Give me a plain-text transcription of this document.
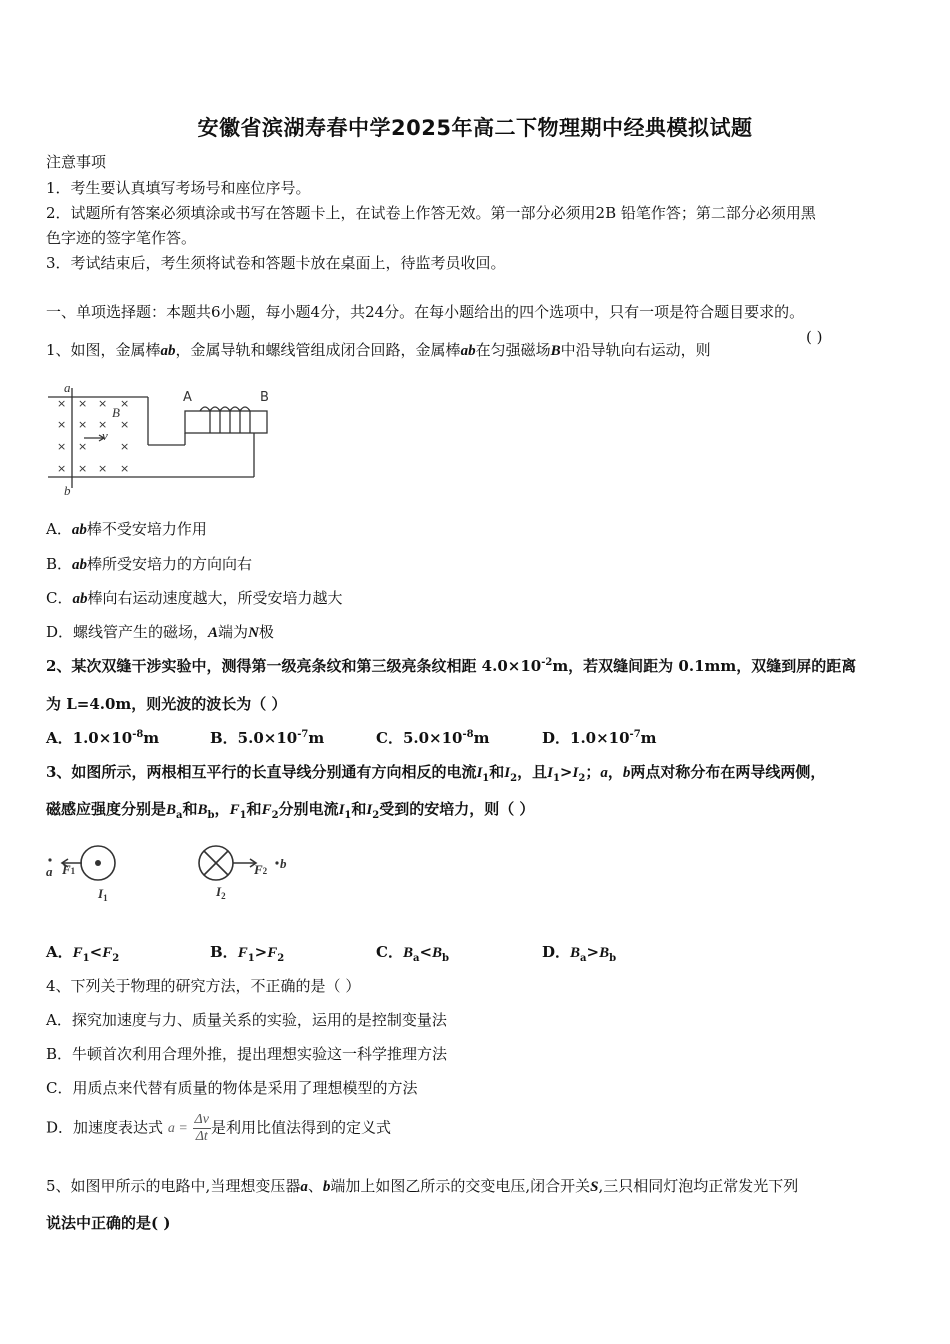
安徽省滨湖寿春中学2025年高二下物理期中经典模拟试题
注意事项
1．考生要认真填写考场号和座位序号。
2．试题所有答案必须填涂或书写在答题卡上，在试卷上作答无效。第一部分必须用2B 铅笔作答；第二部分必须用黑
色字迹的签字笔作答。
3．考试结束后，考生须将试卷和答题卡放在桌面上，待监考员收回。
一、单项选择题：本题共6小题，每小题4分，共24分。在每小题给出的四个选项中，只有一项是符合题目要求的。
1、如图，金属棒ab，金属导轨和螺线管组成闭合回路，金属棒ab在匀强磁场B中沿导轨向右运动，则
( )
×
×
×
×
× × ×
× × ×
×	×
× × ×
a
b
B
v
A	B
A．ab棒不受安培力作用
B．ab棒所受安培力的方向向右
C．ab棒向右运动速度越大，所受安培力越大
D．螺线管产生的磁场，A端为N极
2、某次双缝干涉实验中，测得第一级亮条纹和第三级亮条纹相距 $4.0\times 10^{-2}m$，若双缝间距为 0.1mm，双缝到屏的距离
为 L=4.0m，则光波的波长为（ ）
A．$1.0\times 10^{-8}m$	B．$5.0\times 10^{-7}m$	C．$5.0\times 10^{-8}m$	D．$1.0\times 10^{-7}m$
3、如图所示，两根相互平行的长直导线分别通有方向相反的电流$I_1$和$I_2$，且$I_1>I_2$；a，b两点对称分布在两导线两侧，
磁感应强度分别是$B_a$和$B_b$，$F_1$和$F_2$分别电流$I_1$和$I_2$受到的安培力，则（ ）
a F1
$I_1$	$I_2$
F2 b
A．$F_1<F_2$	B．$F_1>F_2$	C．$B_a<B_b$	D．$B_a>B_b$
4、下列关于物理的研究方法，不正确的是（ ）
A．探究加速度与力、质量关系的实验，运用的是控制变量法
B．牛顿首次利用合理外推，提出理想实验这一科学推理方法
C．用质点来代替有质量的物体是采用了理想模型的方法
D．加速度表达式 $a = \frac{\Delta v}{\Delta t}$ 是利用比值法得到的定义式
5、如图甲所示的电路中,当理想变压器a、b端加上如图乙所示的交变电压,闭合开关S,三只相同灯泡均正常发光下列
说法中正确的是( )
